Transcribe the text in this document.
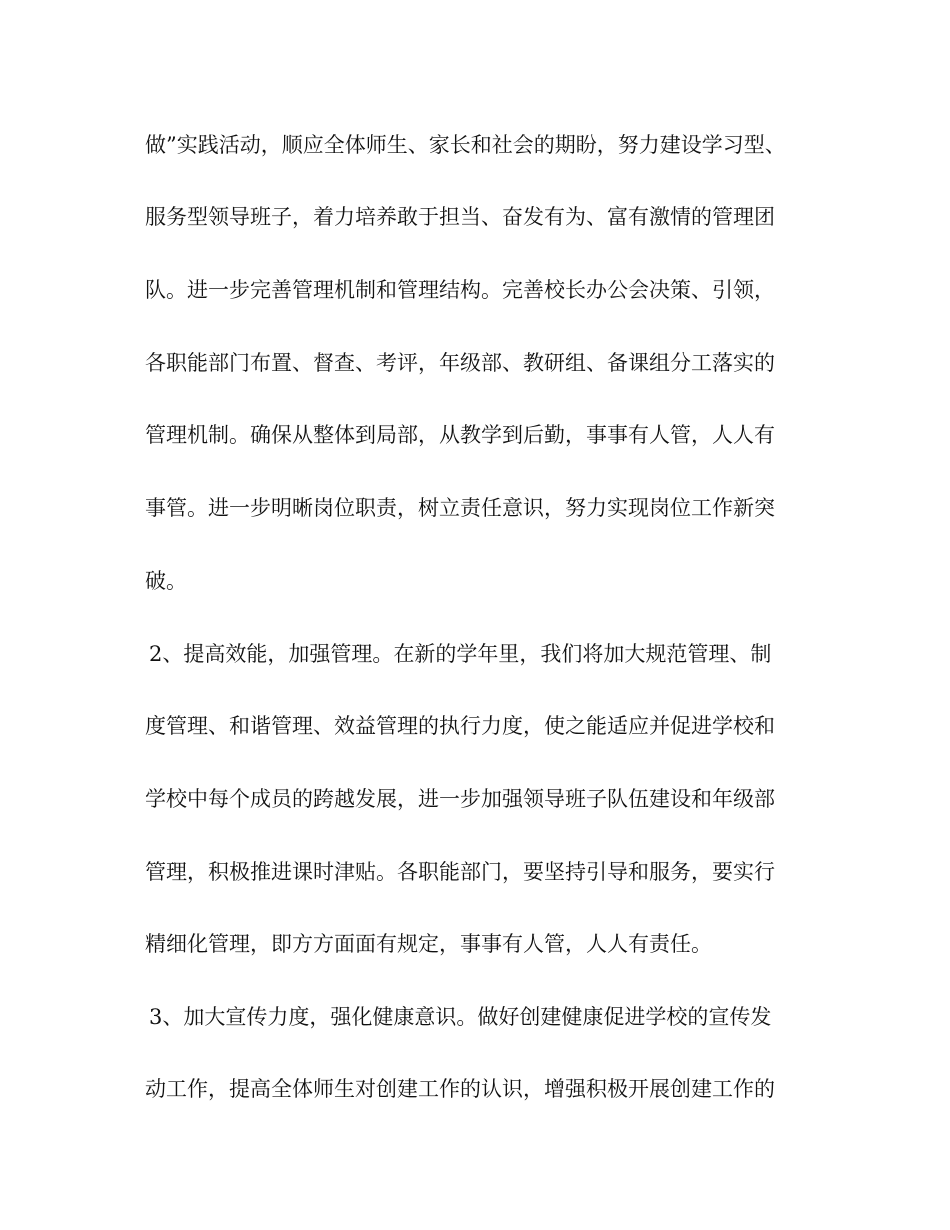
做”实践活动，顺应全体师生、家长和社会的期盼，努力建设学习型、
服务型领导班子，着力培养敢于担当、奋发有为、富有激情的管理团
队。进一步完善管理机制和管理结构。完善校长办公会决策、引领，
各职能部门布置、督查、考评，年级部、教研组、备课组分工落实的
管理机制。确保从整体到局部，从教学到后勤，事事有人管，人人有
事管。进一步明晰岗位职责，树立责任意识，努力实现岗位工作新突
破。
2、提高效能，加强管理。在新的学年里，我们将加大规范管理、制
度管理、和谐管理、效益管理的执行力度，使之能适应并促进学校和
学校中每个成员的跨越发展，进一步加强领导班子队伍建设和年级部
管理，积极推进课时津贴。各职能部门，要坚持引导和服务，要实行
精细化管理，即方方面面有规定，事事有人管，人人有责任。
3、加大宣传力度，强化健康意识。做好创建健康促进学校的宣传发
动工作，提高全体师生对创建工作的认识，增强积极开展创建工作的
